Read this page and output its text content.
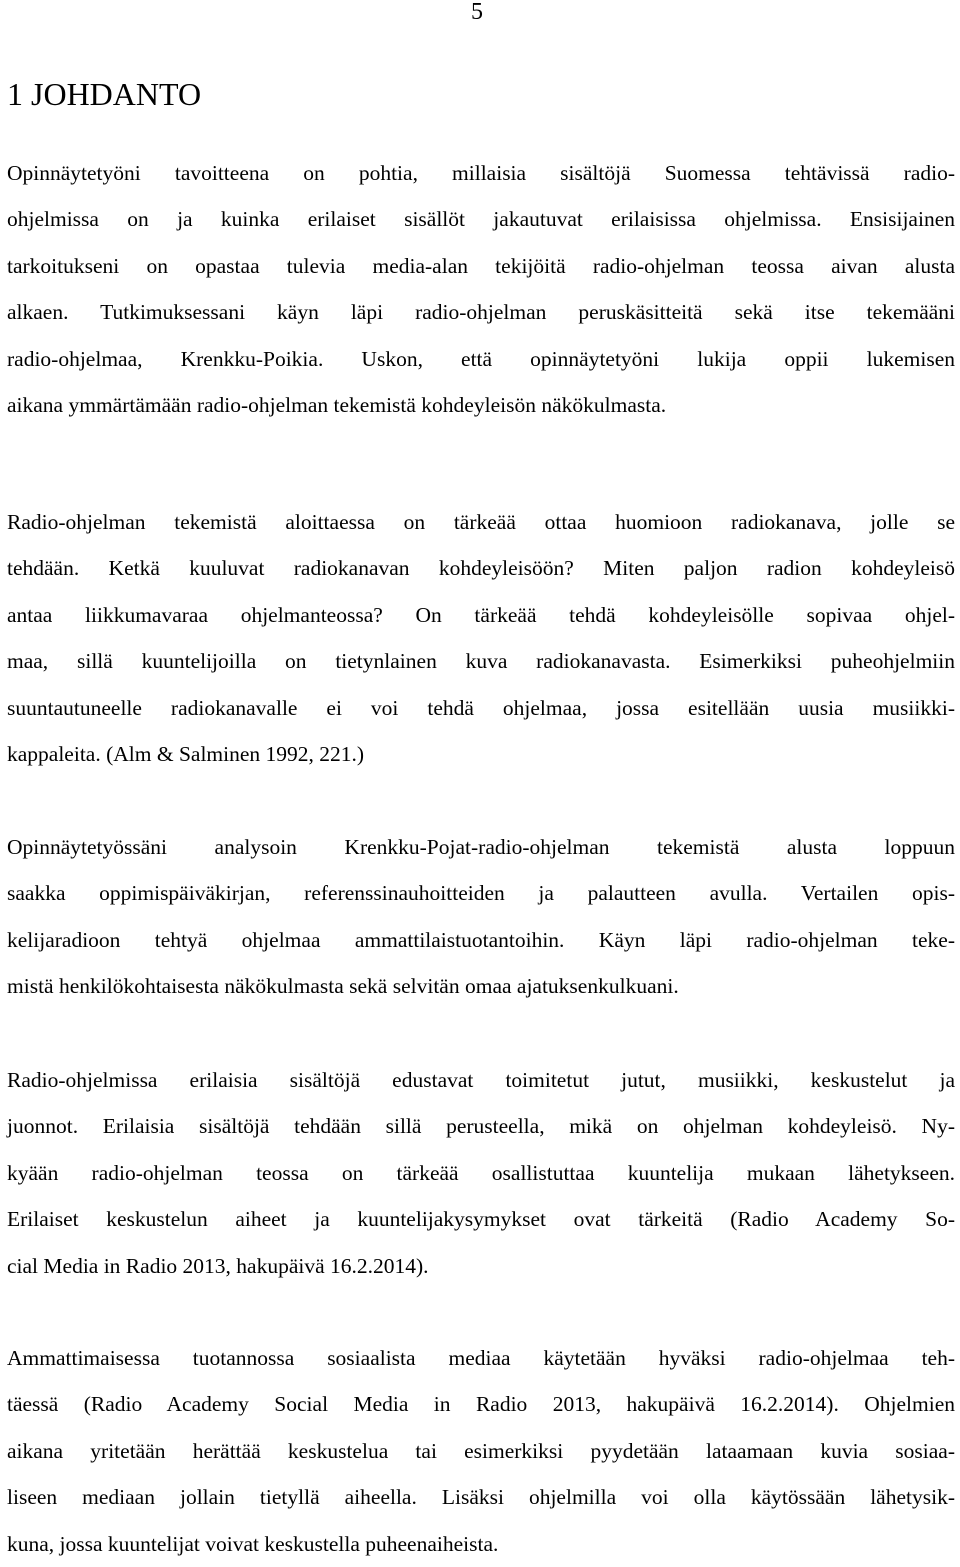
5
1 JOHDANTO

Opinnäytetyöni tavoitteena on pohtia, millaisia sisältöjä Suomessa tehtävissä radio-
ohjelmissa on ja kuinka erilaiset sisällöt jakautuvat erilaisissa ohjelmissa. Ensisijainen
tarkoitukseni on opastaa tulevia media-alan tekijöitä radio-ohjelman teossa aivan alusta
alkaen. Tutkimuksessani käyn läpi radio-ohjelman peruskäsitteitä sekä itse tekemääni
radio-ohjelmaa, Krenkku-Poikia. Uskon, että opinnäytetyöni lukija oppii lukemisen
aikana ymmärtämään radio-ohjelman tekemistä kohdeyleisön näkökulmasta.

Radio-ohjelman tekemistä aloittaessa on tärkeää ottaa huomioon radiokanava, jolle se
tehdään. Ketkä kuuluvat radiokanavan kohdeyleisöön? Miten paljon radion kohdeyleisö
antaa liikkumavaraa ohjelmanteossa? On tärkeää tehdä kohdeyleisölle sopivaa ohjel-
maa, sillä kuuntelijoilla on tietynlainen kuva radiokanavasta. Esimerkiksi puheohjelmiin
suuntautuneelle radiokanavalle ei voi tehdä ohjelmaa, jossa esitellään uusia musiikki-
kappaleita. (Alm & Salminen 1992, 221.)

Opinnäytetyössäni analysoin Krenkku-Pojat-radio-ohjelman tekemistä alusta loppuun
saakka oppimispäiväkirjan, referenssinauhoitteiden ja palautteen avulla. Vertailen opis-
kelijaradioon tehtyä ohjelmaa ammattilaistuotantoihin. Käyn läpi radio-ohjelman teke-
mistä henkilökohtaisesta näkökulmasta sekä selvitän omaa ajatuksenkulkuani.

Radio-ohjelmissa erilaisia sisältöjä edustavat toimitetut jutut, musiikki, keskustelut ja
juonnot. Erilaisia sisältöjä tehdään sillä perusteella, mikä on ohjelman kohdeyleisö. Ny-
kyään radio-ohjelman teossa on tärkeää osallistuttaa kuuntelija mukaan lähetykseen.
Erilaiset keskustelun aiheet ja kuuntelijakysymykset ovat tärkeitä (Radio Academy So-
cial Media in Radio 2013, hakupäivä 16.2.2014).

Ammattimaisessa tuotannossa sosiaalista mediaa käytetään hyväksi radio-ohjelmaa teh-
täessä (Radio Academy Social Media in Radio 2013, hakupäivä 16.2.2014). Ohjelmien
aikana yritetään herättää keskustelua tai esimerkiksi pyydetään lataamaan kuvia sosiaa-
liseen mediaan jollain tietyllä aiheella. Lisäksi ohjelmilla voi olla käytössään lähetysik-
kuna, jossa kuuntelijat voivat keskustella puheenaiheista.
